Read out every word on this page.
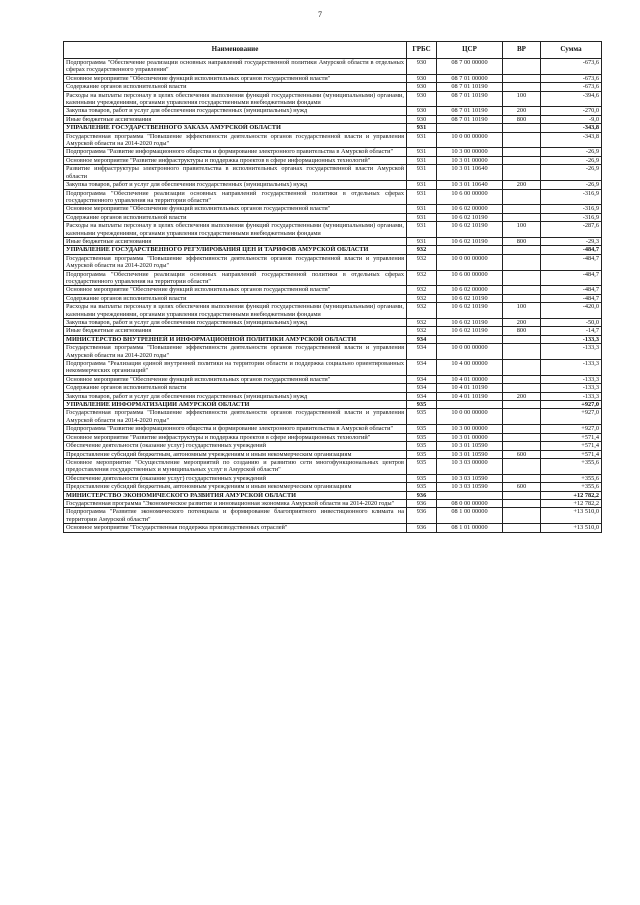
7
Наименование	ГРБС	ЦСР	ВР	Сумма
Подпрограмма "Обеспечение реализации основных направлений государственной политики Амурской области в отдельных сферах государственного управления"	930	08 7 00 00000		-673,6
Основное мероприятие "Обеспечение функций исполнительных органов государственной власти"	930	08 7 01 00000		-673,6
Содержание органов исполнительной власти	930	08 7 01 10190		-673,6
Расходы на выплаты персоналу в целях обеспечения выполнения функций государственными (муниципальными) органами, казенными учреждениями, органами управления государственными внебюджетными фондами	930	08 7 01 10190	100	-394,6
Закупка товаров, работ и услуг для обеспечения государственных (муниципальных) нужд	930	08 7 01 10190	200	-270,0
Иные бюджетные ассигнования	930	08 7 01 10190	800	-9,0
УПРАВЛЕНИЕ ГОСУДАРСТВЕННОГО ЗАКАЗА АМУРСКОЙ ОБЛАСТИ	931			-343,8
Государственная программа "Повышение эффективности деятельности органов государственной власти и управления Амурской области на 2014-2020 годы"	931	10 0 00 00000		-343,8
Подпрограмма "Развитие информационного общества и формирование электронного правительства в Амурской области"	931	10 3 00 00000		-26,9
Основное мероприятие "Развитие инфраструктуры и поддержка проектов в сфере информационных технологий"	931	10 3 01 00000		-26,9
Развитие инфраструктуры электронного правительства в исполнительных органах государственной власти Амурской области	931	10 3 01 10640		-26,9
Закупка товаров, работ и услуг для обеспечения государственных (муниципальных) нужд	931	10 3 01 10640	200	-26,9
Подпрограмма "Обеспечение реализации основных направлений государственной политики в отдельных сферах государственного управления на территории области"	931	10 6 00 00000		-316,9
Основное мероприятие "Обеспечение функций исполнительных органов государственной власти"	931	10 6 02 00000		-316,9
Содержание органов исполнительной власти	931	10 6 02 10190		-316,9
Расходы на выплаты персоналу в целях обеспечения выполнения функций государственными (муниципальными) органами, казенными учреждениями, органами управления государственными внебюджетными фондами	931	10 6 02 10190	100	-287,6
Иные бюджетные ассигнования	931	10 6 02 10190	800	-29,3
УПРАВЛЕНИЕ ГОСУДАРСТВЕННОГО РЕГУЛИРОВАНИЯ ЦЕН И ТАРИФОВ АМУРСКОЙ ОБЛАСТИ	932			-484,7
Государственная программа "Повышение эффективности деятельности органов государственной власти и управления Амурской области на 2014-2020 годы"	932	10 0 00 00000		-484,7
Подпрограмма "Обеспечение реализации основных направлений государственной политики в отдельных сферах государственного управления на территории области"	932	10 6 00 00000		-484,7
Основное мероприятие "Обеспечение функций исполнительных органов государственной власти"	932	10 6 02 00000		-484,7
Содержание органов исполнительной власти	932	10 6 02 10190		-484,7
Расходы на выплаты персоналу в целях обеспечения выполнения функций государственными (муниципальными) органами, казенными учреждениями, органами управления государственными внебюджетными фондами	932	10 6 02 10190	100	-420,0
Закупка товаров, работ и услуг для обеспечения государственных (муниципальных) нужд	932	10 6 02 10190	200	-50,0
Иные бюджетные ассигнования	932	10 6 02 10190	800	-14,7
МИНИСТЕРСТВО ВНУТРЕННЕЙ И ИНФОРМАЦИОННОЙ ПОЛИТИКИ АМУРСКОЙ ОБЛАСТИ	934			-133,3
Государственная программа "Повышение эффективности деятельности органов государственной власти и управления Амурской области на 2014-2020 годы"	934	10 0 00 00000		-133,3
Подпрограмма "Реализация единой внутренней политики на территории области и поддержка социально ориентированных некоммерческих организаций"	934	10 4 00 00000		-133,3
Основное мероприятие "Обеспечение функций исполнительных органов государственной власти"	934	10 4 01 00000		-133,3
Содержание органов исполнительной власти	934	10 4 01 10190		-133,3
Закупка товаров, работ и услуг для обеспечения государственных (муниципальных) нужд	934	10 4 01 10190	200	-133,3
УПРАВЛЕНИЕ ИНФОРМАТИЗАЦИИ АМУРСКОЙ ОБЛАСТИ	935			+927,0
Государственная программа "Повышение эффективности деятельности органов государственной власти и управления Амурской области на 2014-2020 годы"	935	10 0 00 00000		+927,0
Подпрограмма "Развитие информационного общества и формирование электронного правительства в Амурской области"	935	10 3 00 00000		+927,0
Основное мероприятие "Развитие инфраструктуры и поддержка проектов в сфере информационных технологий"	935	10 3 01 00000		+571,4
Обеспечение деятельности (оказание услуг) государственных учреждений	935	10 3 01 10590		+571,4
Предоставление субсидий бюджетным, автономным учреждениям и иным некоммерческим организациям	935	10 3 01 10590	600	+571,4
Основное мероприятие "Осуществление мероприятий по созданию и развитию сети многофункциональных центров предоставления государственных и муниципальных услуг в Амурской области"	935	10 3 03 00000		+355,6
Обеспечение деятельности (оказание услуг) государственных учреждений	935	10 3 03 10590		+355,6
Предоставление субсидий бюджетным, автономным учреждениям и иным некоммерческим организациям	935	10 3 03 10590	600	+355,6
МИНИСТЕРСТВО ЭКОНОМИЧЕСКОГО РАЗВИТИЯ АМУРСКОЙ ОБЛАСТИ	936			+12 782,2
Государственная программа "Экономическое развитие и инновационная экономика Амурской области на 2014-2020 годы"	936	08 0 00 00000		+12 782,2
Подпрограмма "Развитие экономического потенциала и формирование благоприятного инвестиционного климата на территории Амурской области"	936	08 1 00 00000		+13 510,0
Основное мероприятие "Государственная поддержка производственных отраслей"	936	08 1 01 00000		+13 510,0
